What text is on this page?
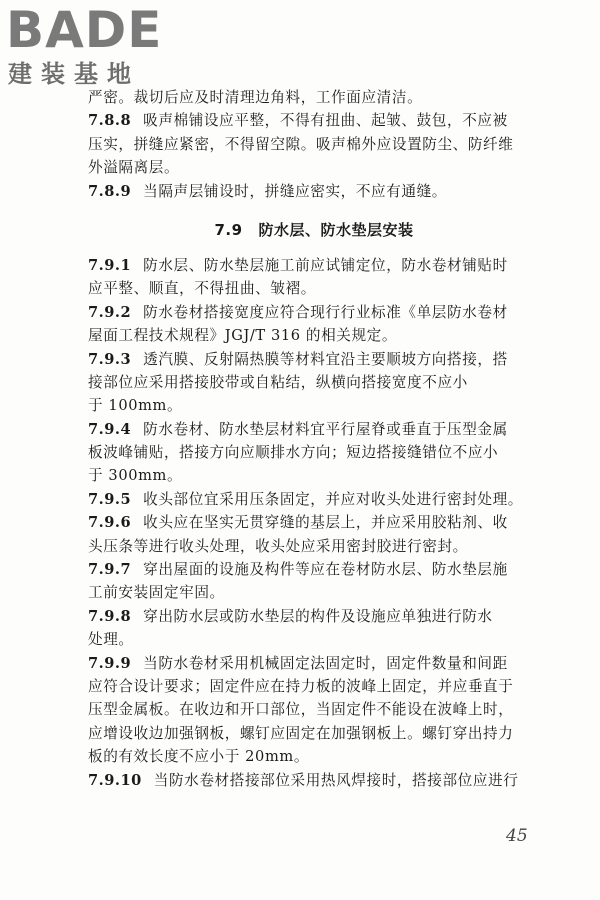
BADE
建装基地
严密。裁切后应及时清理边角料，工作面应清洁。
7.8.8 吸声棉铺设应平整，不得有扭曲、起皱、鼓包，不应被
压实，拼缝应紧密，不得留空隙。吸声棉外应设置防尘、防纤维
外溢隔离层。
7.8.9 当隔声层铺设时，拼缝应密实，不应有通缝。
7.9 防水层、防水垫层安装
7.9.1 防水层、防水垫层施工前应试铺定位，防水卷材铺贴时
应平整、顺直，不得扭曲、皱褶。
7.9.2 防水卷材搭接宽度应符合现行行业标准《单层防水卷材
屋面工程技术规程》JGJ/T 316 的相关规定。
7.9.3 透汽膜、反射隔热膜等材料宜沿主要顺坡方向搭接，搭
接部位应采用搭接胶带或自粘结，纵横向搭接宽度不应小
于 100mm。
7.9.4 防水卷材、防水垫层材料宜平行屋脊或垂直于压型金属
板波峰铺贴，搭接方向应顺排水方向；短边搭接缝错位不应小
于 300mm。
7.9.5 收头部位宜采用压条固定，并应对收头处进行密封处理。
7.9.6 收头应在坚实无贯穿缝的基层上，并应采用胶粘剂、收
头压条等进行收头处理，收头处应采用密封胶进行密封。
7.9.7 穿出屋面的设施及构件等应在卷材防水层、防水垫层施
工前安装固定牢固。
7.9.8 穿出防水层或防水垫层的构件及设施应单独进行防水
处理。
7.9.9 当防水卷材采用机械固定法固定时，固定件数量和间距
应符合设计要求；固定件应在持力板的波峰上固定，并应垂直于
压型金属板。在收边和开口部位，当固定件不能设在波峰上时，
应增设收边加强钢板，螺钉应固定在加强钢板上。螺钉穿出持力
板的有效长度不应小于 20mm。
7.9.10 当防水卷材搭接部位采用热风焊接时，搭接部位应进行
45
